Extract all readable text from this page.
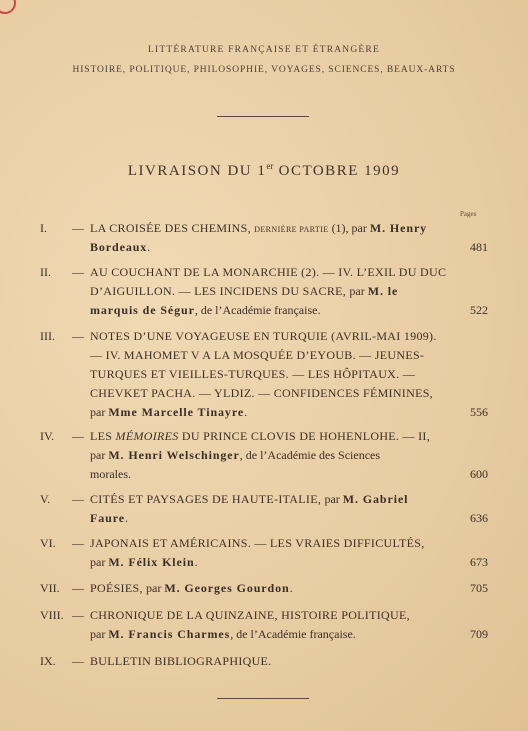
LITTÉRATURE FRANÇAISE ET ÉTRANGÈRE
HISTOIRE, POLITIQUE, PHILOSOPHIE, VOYAGES, SCIENCES, BEAUX-ARTS
LIVRAISON DU 1er OCTOBRE 1909
Pages
I.	— LA CROISÉE DES CHEMINS, DERNIÈRE PARTIE (1), par M. Henry
Bordeaux.	481
II.	— AU COUCHANT DE LA MONARCHIE (2). — IV. L’EXIL DU DUC
D’AIGUILLON. — LES INCIDENS DU SACRE, par M. le
marquis de Ségur, de l’Académie française.	522
III.	— NOTES D’UNE VOYAGEUSE EN TURQUIE (AVRIL-MAI 1909).
— IV. MAHOMET V A LA MOSQUÉE D’EYOUB. — JEUNES-
TURQUES ET VIEILLES-TURQUES. — LES HÔPITAUX. —
CHEVKET PACHA. — YLDIZ. — CONFIDENCES FÉMININES,
par Mme Marcelle Tinayre.	556
IV.	— LES MÉMOIRES DU PRINCE CLOVIS DE HOHENLOHE. — II,
par M. Henri Welschinger, de l’Académie des Sciences
morales.	600
V.	— CITÉS ET PAYSAGES DE HAUTE-ITALIE, par M. Gabriel
Faure.	636
VI.	— JAPONAIS ET AMÉRICAINS. — LES VRAIES DIFFICULTÉS,
par M. Félix Klein.	673
VII.	— POÉSIES, par M. Georges Gourdon.	705
VIII. — CHRONIQUE DE LA QUINZAINE, HISTOIRE POLITIQUE,
par M. Francis Charmes, de l’Académie française.	709
IX.	— BULLETIN BIBLIOGRAPHIQUE.
